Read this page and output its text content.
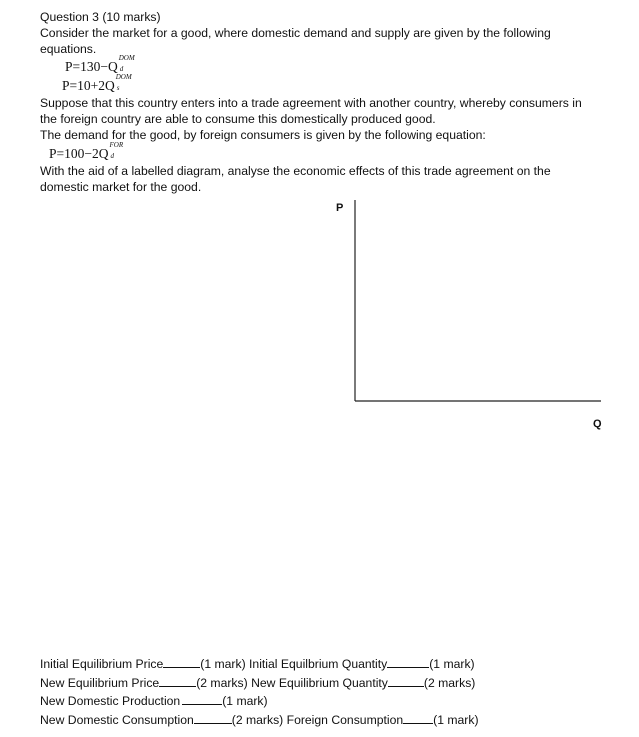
Question 3 (10 marks)
Consider the market for a good, where domestic demand and supply are given by the following
equations.
P=130−Q
DOM
d
P=10+2Q
DOM
s
Suppose that this country enters into a trade agreement with another country, whereby consumers in
the foreign country are able to consume this domestically produced good.
The demand for the good, by foreign consumers is given by the following equation:
P=100−2Q
FOR
d
With the aid of a labelled diagram, analyse the economic effects of this trade agreement on the
domestic market for the good.
P
Q
Initial Equilibrium Price	(1 mark) Initial Equilbrium Quantity	(1 mark)
New Equilibrium Price	(2 marks) New Equilibrium Quantity	(2 marks)
New Domestic Production	(1 mark)
New Domestic Consumption	(2 marks) Foreign Consumption (1 mark)
